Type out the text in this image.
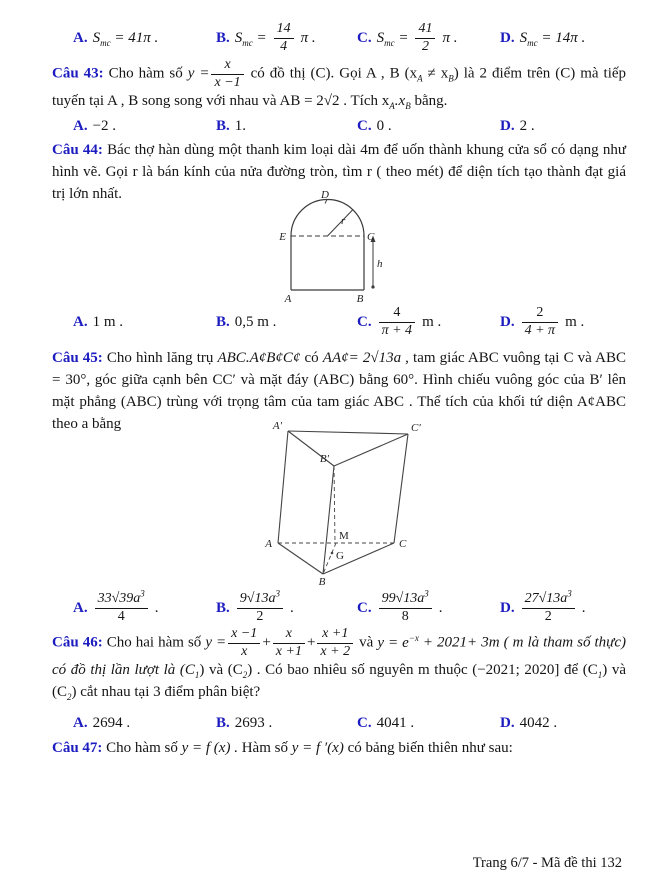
A. $S_{mc} = 41\pi$ .	B. $S_{mc} = \frac{14}{4}$ π .	C. $S_{mc} = \frac{41}{2}$ π .	D. $S_{mc} = 14\pi$ .
Câu 43: Cho hàm số $y = \frac{x}{x -1}$ có đồ thị (C). Gọi A , B $(x_A \ne x_B)$ là 2 điểm trên (C) mà tiếp tuyến tại A , B song song với nhau và AB = 2√2 . Tích $x_A.x_B$ bằng.
A. −2 .	B. 1.	C. 0 .	D. 2 .
Câu 44: Bác thợ hàn dùng một thanh kim loại dài 4m để uốn thành khung cửa sổ có dạng như hình vẽ. Gọi r là bán kính của nửa đường tròn, tìm r ( theo mét) để diện tích tạo thành đạt giá trị lớn nhất.	D
E	C
r
h
A	B
A. 1 m .	B. 0,5 m .	C. $\frac{4}{\pi + 4}$ m .	D. $\frac{2}{4 + \pi}$ m .
Câu 45: Cho hình lăng trụ ABC.A¢B¢C¢ có AA¢= 2√13a , tam giác ABC vuông tại C và ABC = 30°, góc giữa cạnh bên CC′ và mặt đáy (ABC) bằng 60°. Hình chiếu vuông góc của B′ lên mặt phẳng (ABC) trùng với trọng tâm của tam giác ABC . Thể tích của khối tứ diện A¢ABC theo a bằng	A′	C′
B′
A	C
B
M
G
A. $\frac{33√39a^3}{4}$ .	B. $\frac{9√13a^3}{2}$ .	C. $\frac{99√13a^3}{8}$ .	D. $\frac{27√13a^3}{2}$ .
Câu 46: Cho hai hàm số $y = \frac{x -1}{x} + \frac{x}{x +1} + \frac{x +1}{x + 2}$ và $y = e^{-x} + 2021+ 3m$ ( m là tham số thực) có đồ thị lần lượt là $(C_1)$ và $(C_2)$ . Có bao nhiêu số nguyên m thuộc (−2021; 2020] để $(C_1)$ và $(C_2)$ cắt nhau tại 3 điểm phân biệt?
A. 2694 .	B. 2693 .	C. 4041 .	D. 4042 .
Câu 47: Cho hàm số y = f (x) . Hàm số y = f ′(x) có bảng biến thiên như sau:
Trang 6/7 - Mã đề thi 132
